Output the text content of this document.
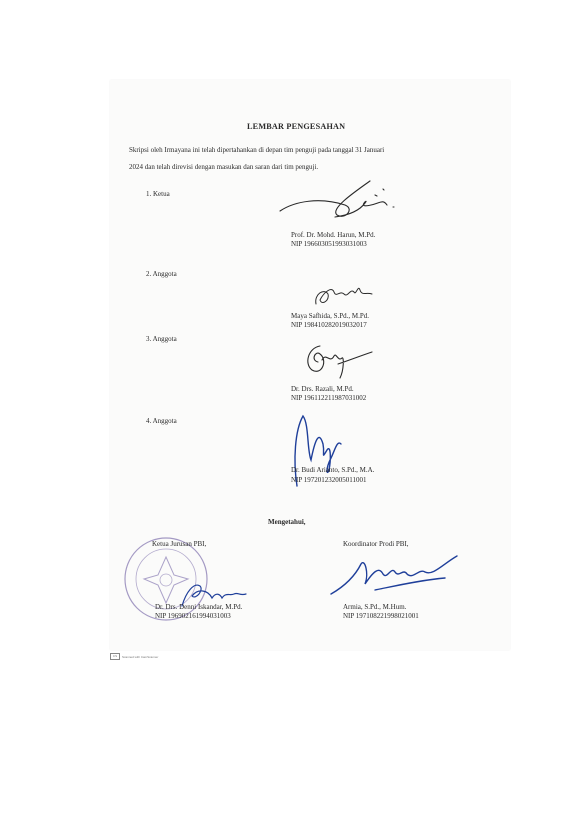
LEMBAR PENGESAHAN
Skripsi oleh Irmayana ini telah dipertahankan di depan tim penguji pada tanggal 31 Januari
2024 dan telah direvisi dengan masukan dan saran dari tim penguji.
1. Ketua
Prof. Dr. Mohd. Harun, M.Pd.
NIP 196603051993031003
2. Anggota
Maya Safhida, S.Pd., M.Pd.
NIP 198410282019032017
3. Anggota
Dr. Drs. Razali, M.Pd.
NIP 196112211987031002
4. Anggota
Dr. Budi Arianto, S.Pd., M.A.
NIP 197201232005011001
Mengetahui,
Ketua Jurusan PBI,
Dr. Drs. Denni Iskandar, M.Pd.
NIP 196902161994031003
Koordinator Prodi PBI,
Armia, S.Pd., M.Hum.
NIP 197108221998021001
CS	Scanned with CamScanner
